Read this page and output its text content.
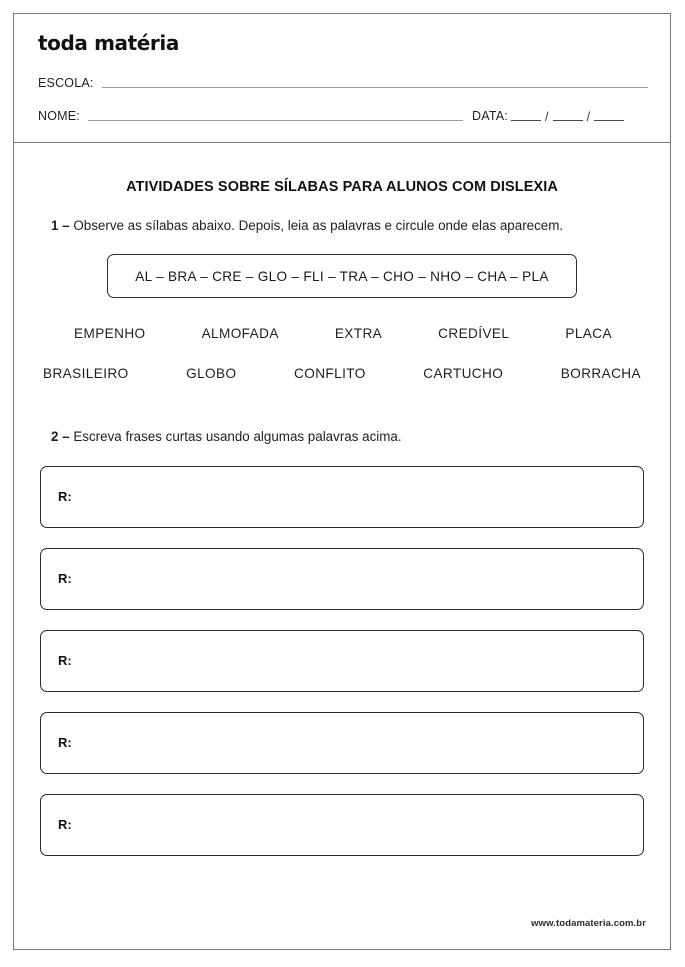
toda matéria
ESCOLA:
NOME:	DATA:	/	/
ATIVIDADES SOBRE SÍLABAS PARA ALUNOS COM DISLEXIA
1 – Observe as sílabas abaixo. Depois, leia as palavras e circule onde elas aparecem.
AL – BRA – CRE – GLO – FLI – TRA – CHO – NHO – CHA – PLA
EMPENHO	ALMOFADA	EXTRA	CREDÍVEL	PLACA
BRASILEIRO	GLOBO	CONFLITO	CARTUCHO	BORRACHA
2 – Escreva frases curtas usando algumas palavras acima.
R:
R:
R:
R:
R:
www.todamateria.com.br
